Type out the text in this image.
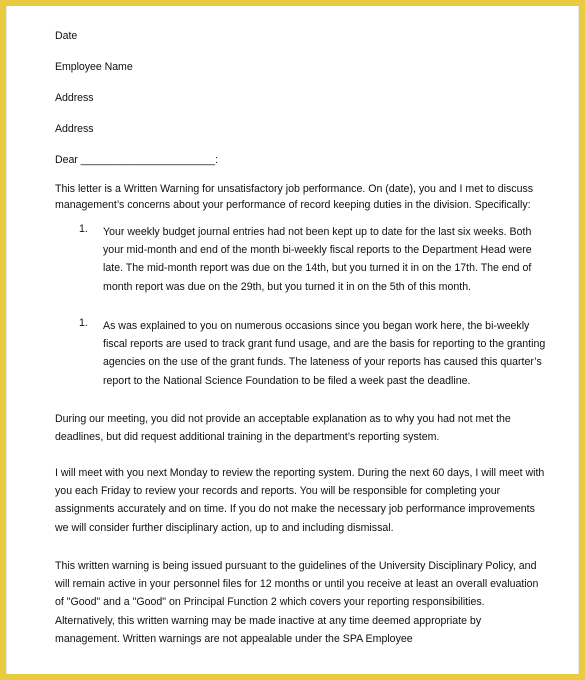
Date
Employee Name
Address
Address
Dear _______________________:
This letter is a Written Warning for unsatisfactory job performance. On (date), you and I met to discuss management’s concerns about your performance of record keeping duties in the division. Specifically:
1.	Your weekly budget journal entries had not been kept up to date for the last six weeks. Both your mid-month and end of the month bi-weekly fiscal reports to the Department Head were late. The mid-month report was due on the 14th, but you turned it in on the 17th. The end of month report was due on the 29th, but you turned it in on the 5th of this month.
1.	As was explained to you on numerous occasions since you began work here, the bi-weekly fiscal reports are used to track grant fund usage, and are the basis for reporting to the granting agencies on the use of the grant funds. The lateness of your reports has caused this quarter’s report to the National Science Foundation to be filed a week past the deadline.
During our meeting, you did not provide an acceptable explanation as to why you had not met the deadlines, but did request additional training in the department’s reporting system.
I will meet with you next Monday to review the reporting system. During the next 60 days, I will meet with you each Friday to review your records and reports. You will be responsible for completing your assignments accurately and on time. If you do not make the necessary job performance improvements we will consider further disciplinary action, up to and including dismissal.
This written warning is being issued pursuant to the guidelines of the University Disciplinary Policy, and will remain active in your personnel files for 12 months or until you receive at least an overall evaluation of "Good" and a "Good" on Principal Function 2 which covers your reporting responsibilities. Alternatively, this written warning may be made inactive at any time deemed appropriate by management. Written warnings are not appealable under the SPA Employee
